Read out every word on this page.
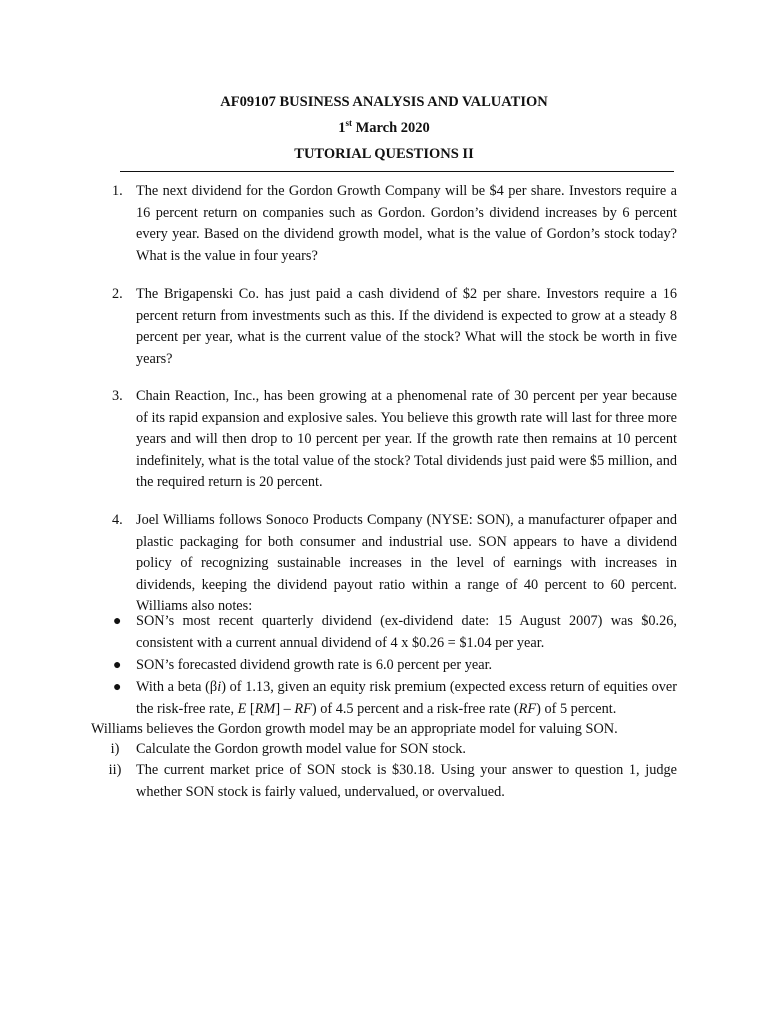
AF09107 BUSINESS ANALYSIS AND VALUATION
1st March 2020
TUTORIAL QUESTIONS II
1. The next dividend for the Gordon Growth Company will be $4 per share. Investors require a 16 percent return on companies such as Gordon. Gordon’s dividend increases by 6 percent every year. Based on the dividend growth model, what is the value of Gordon’s stock today? What is the value in four years?
2. The Brigapenski Co. has just paid a cash dividend of $2 per share. Investors require a 16 percent return from investments such as this. If the dividend is expected to grow at a steady 8 percent per year, what is the current value of the stock? What will the stock be worth in five years?
3. Chain Reaction, Inc., has been growing at a phenomenal rate of 30 percent per year because of its rapid expansion and explosive sales. You believe this growth rate will last for three more years and will then drop to 10 percent per year. If the growth rate then remains at 10 percent indefinitely, what is the total value of the stock? Total dividends just paid were $5 million, and the required return is 20 percent.
4. Joel Williams follows Sonoco Products Company (NYSE: SON), a manufacturer ofpaper and plastic packaging for both consumer and industrial use. SON appears to have a dividend policy of recognizing sustainable increases in the level of earnings with increases in dividends, keeping the dividend payout ratio within a range of 40 percent to 60 percent. Williams also notes:
● SON’s most recent quarterly dividend (ex-dividend date: 15 August 2007) was $0.26, consistent with a current annual dividend of 4 x $0.26 = $1.04 per year.
● SON’s forecasted dividend growth rate is 6.0 percent per year.
● With a beta (βi) of 1.13, given an equity risk premium (expected excess return of equities over the risk-free rate, E [RM] – RF) of 4.5 percent and a risk-free rate (RF) of 5 percent.
Williams believes the Gordon growth model may be an appropriate model for valuing SON.
i)	Calculate the Gordon growth model value for SON stock.
ii)	The current market price of SON stock is $30.18. Using your answer to question 1, judge whether SON stock is fairly valued, undervalued, or overvalued.
